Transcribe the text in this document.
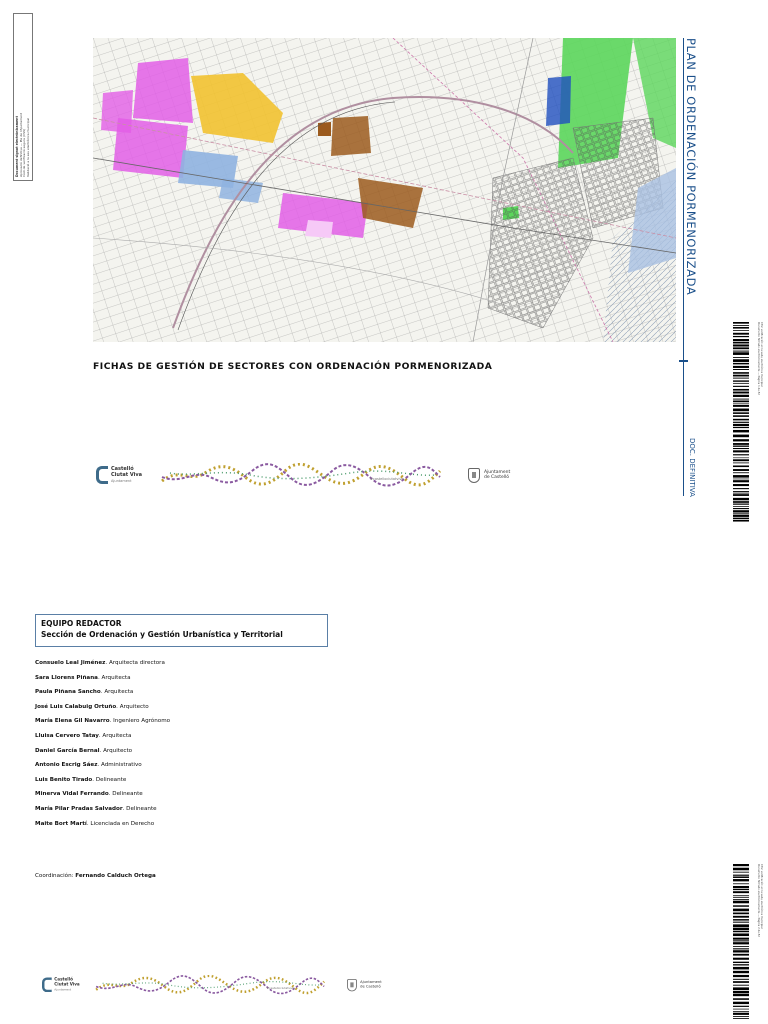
Document signat electrònicament
Aprovació definitiva — Ple de l'Ajuntament
Codi de verificació segura (CSV)
Validació a la seu electrònica municipal	PLAN DE ORDENACIÓN PORMENORIZADA
DOC. DEFINITIVA
FICHAS DE GESTIÓN DE SECTORES CON ORDENACIÓN PORMENORIZADA
Castelló
Ciutat Viva
Ajuntament	#castellociutatviva
Ajuntament
de Castelló
CSV: verificación en la sede electrónica municipal
Documento firmado electrónicamente — Página 1 de 82
EQUIPO REDACTOR
Sección de Ordenación y Gestión Urbanística y Territorial
Consuelo Leal Jiménez. Arquitecta directora
Sara Llorens Piñana. Arquitecta
Paula Piñana Sancho. Arquitecta
José Luis Calabuig Ortuño. Arquitecto
María Elena Gil Navarro. Ingeniero Agrónomo
Lluisa Cervero Tatay. Arquitecta
Daniel García Bernal. Arquitecto
Antonio Escrig Sáez. Administrativo
Luis Benito Tirado. Delineante
Minerva Vidal Ferrando. Delineante
María Pilar Pradas Salvador. Delineante
Maite Bort Martí. Licenciada en Derecho
Coordinación: Fernando Calduch Ortega	CSV: verificación en la sede electrónica municipal
Documento firmado electrónicamente — Página 2 de 82
Castelló
Ciutat Viva
Ajuntament	#castellociutatviva
Ajuntament
de Castelló
